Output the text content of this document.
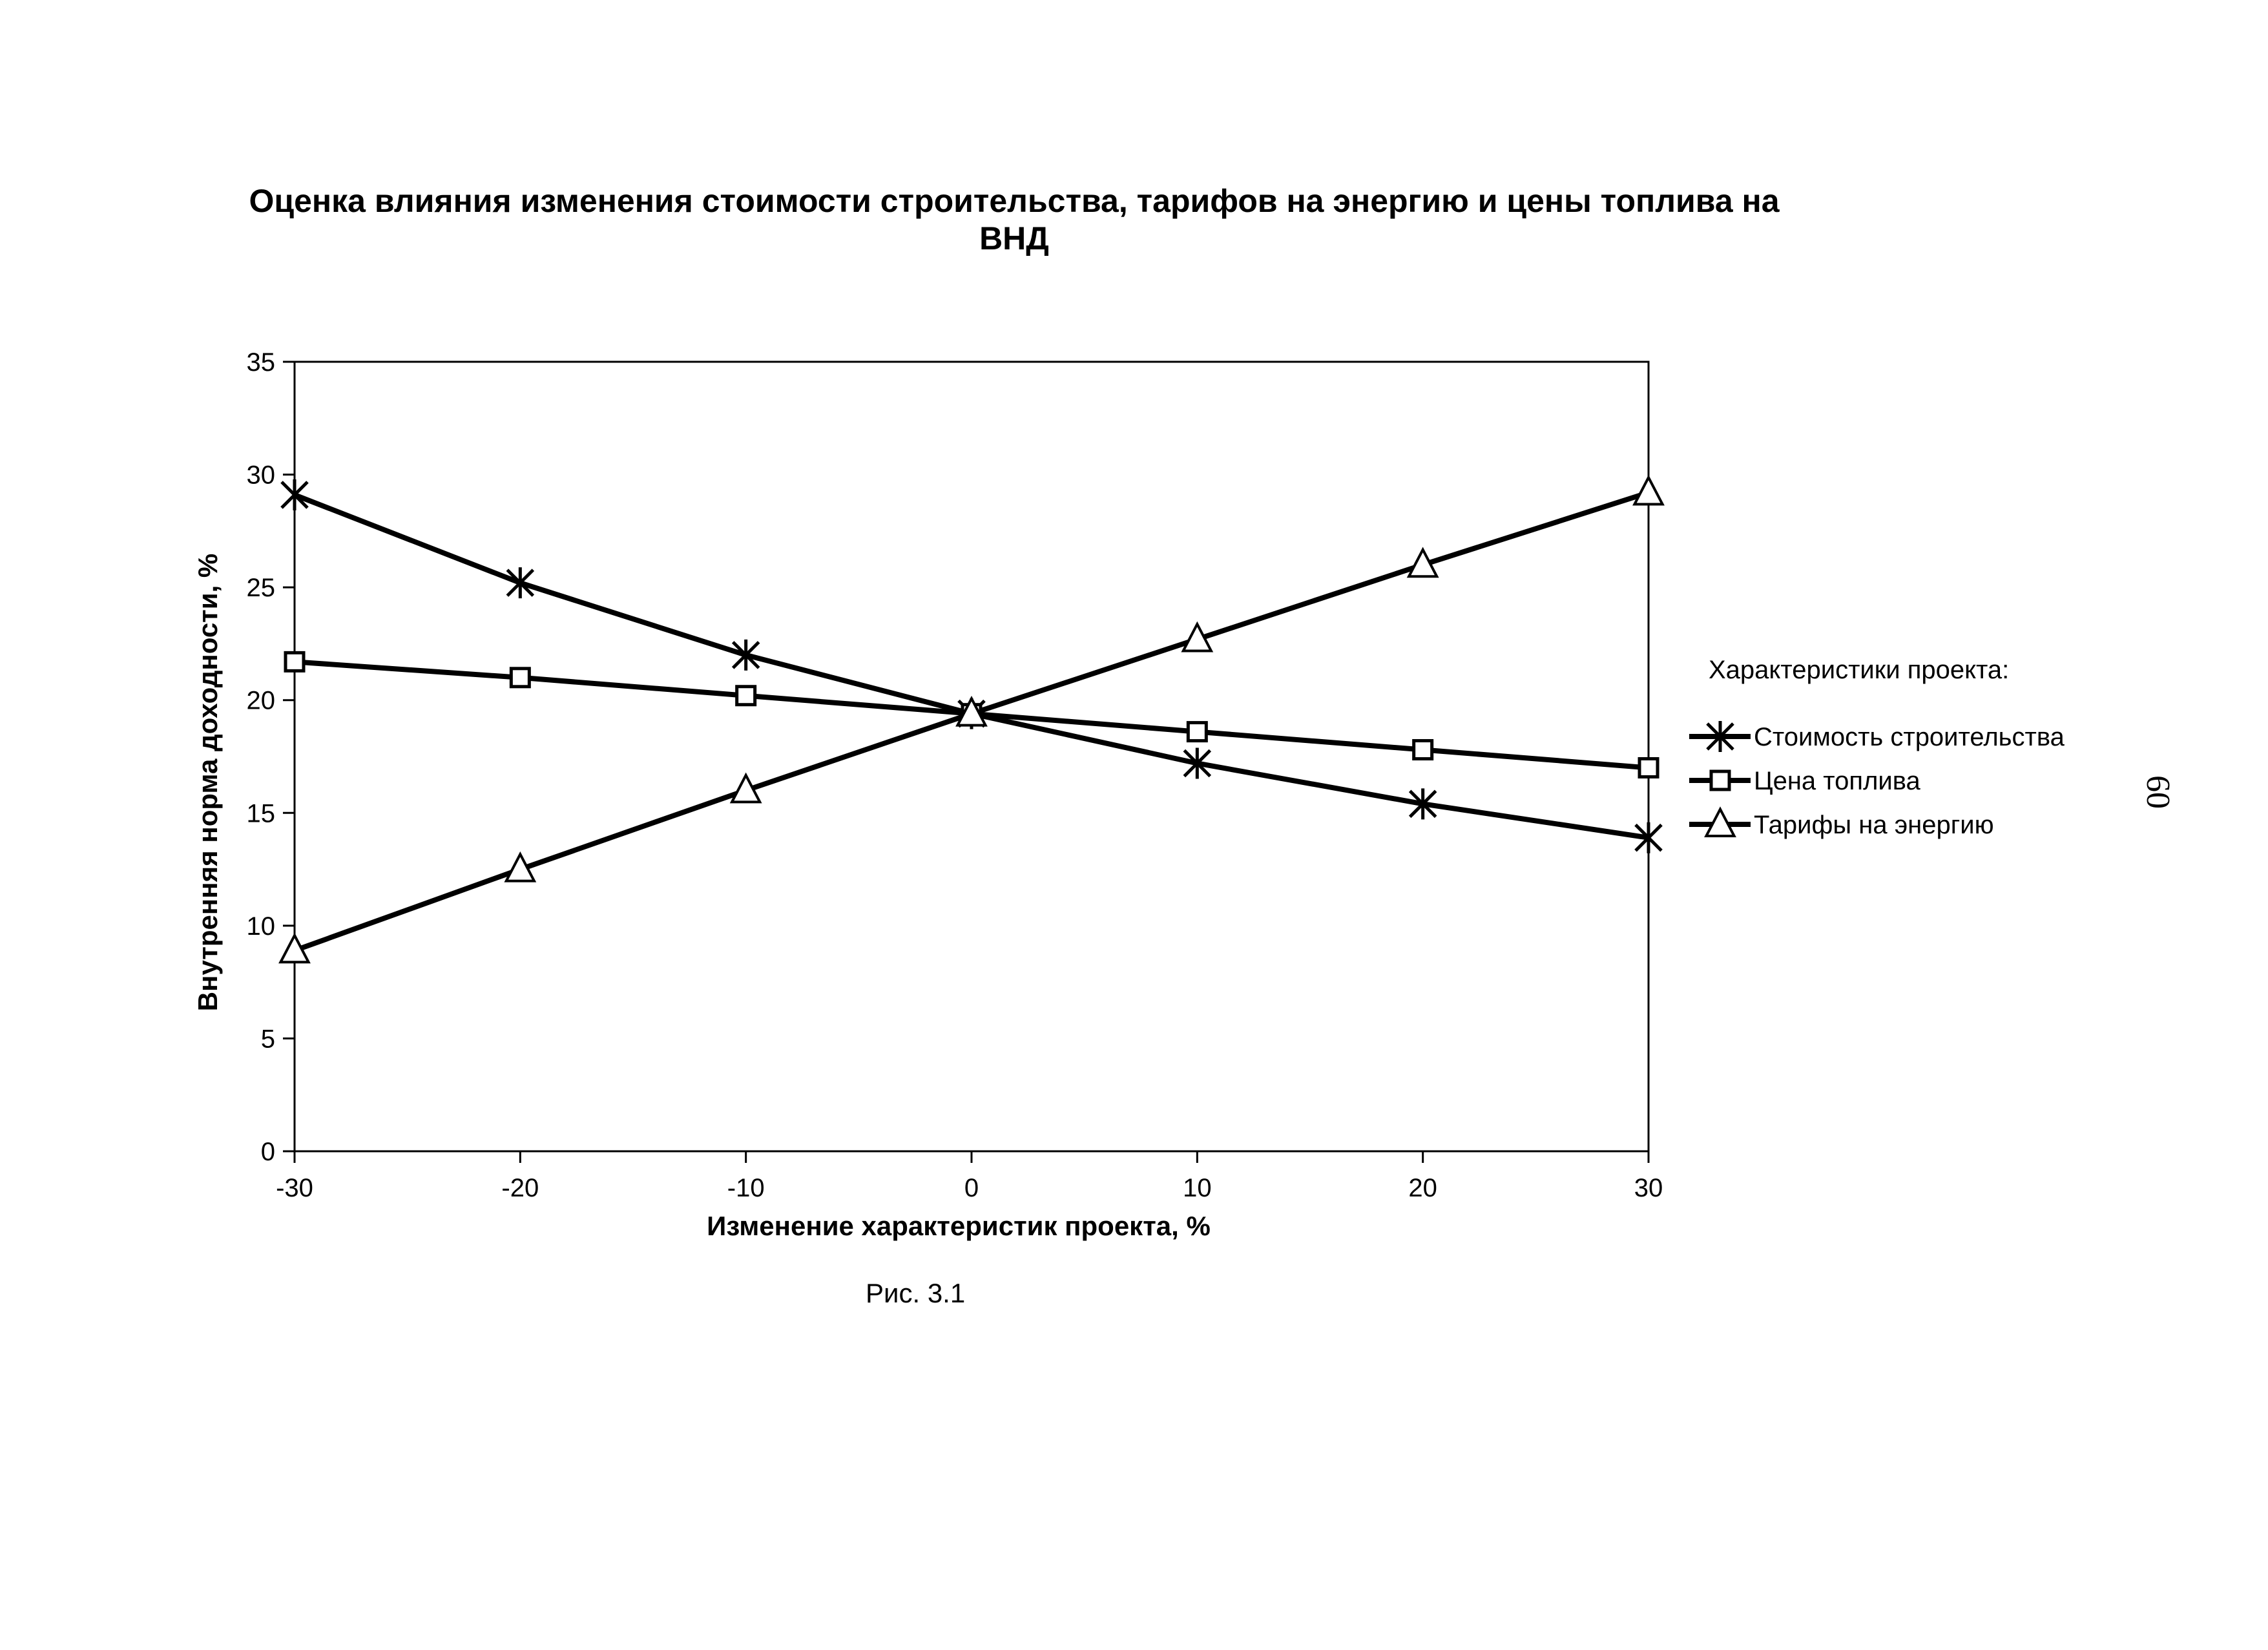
Оценка влияния изменения стоимости строительства, тарифов на энергию и цены топлива на
ВНД
0
5
10
15
20
25
30
35
-30	-20	-10	0	10	20	30
Изменение характеристик проекта, %
Внутренняя норма доходности, %	Характеристики проекта:
Стоимость строительства
Цена топлива
Тарифы на энергию
Рис. 3.1
60
